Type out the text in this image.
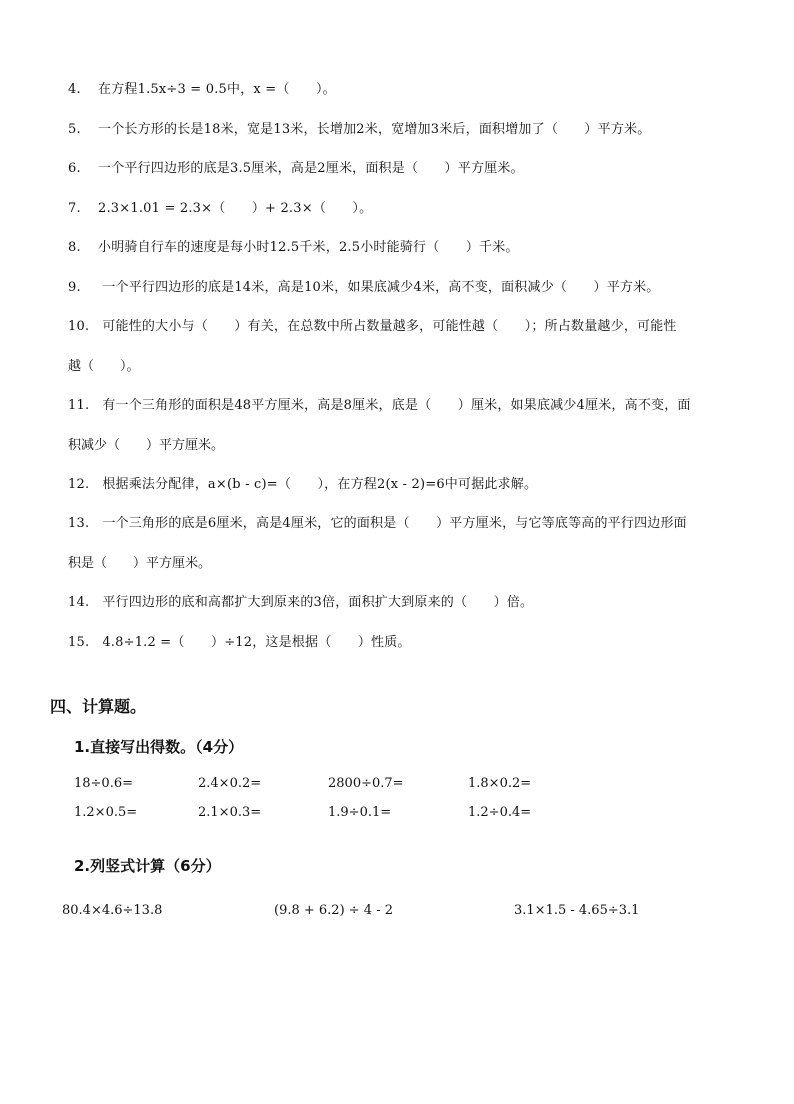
4. 在方程1.5x÷3 = 0.5中，x =（　　）。
5. 一个长方形的长是18米，宽是13米，长增加2米，宽增加3米后，面积增加了（　　）平方米。
6. 一个平行四边形的底是3.5厘米，高是2厘米，面积是（　　）平方厘米。
7. 2.3×1.01 = 2.3×（　　）+ 2.3×（　　）。
8. 小明骑自行车的速度是每小时12.5千米，2.5小时能骑行（　　）千米。
9. 一个平行四边形的底是14米，高是10米，如果底减少4米，高不变，面积减少（　　）平方米。
10. 可能性的大小与（　　）有关，在总数中所占数量越多，可能性越（　　）；所占数量越少，可能性
越（　　）。
11. 有一个三角形的面积是48平方厘米，高是8厘米，底是（　　）厘米，如果底减少4厘米，高不变，面
积减少（　　）平方厘米。
12. 根据乘法分配律，a×(b - c)=（　　），在方程2(x - 2)=6中可据此求解。
13. 一个三角形的底是6厘米，高是4厘米，它的面积是（　　）平方厘米，与它等底等高的平行四边形面
积是（　　）平方厘米。
14. 平行四边形的底和高都扩大到原来的3倍，面积扩大到原来的（　　）倍。
15. 4.8÷1.2 =（　　）÷12，这是根据（　　）性质。
四、计算题。
1.直接写出得数。（4分）
18÷0.6=	2.4×0.2=	2800÷0.7=	1.8×0.2=
1.2×0.5=	2.1×0.3=	1.9÷0.1=	1.2÷0.4=
2.列竖式计算（6分）
80.4×4.6÷13.8	(9.8 + 6.2) ÷ 4 - 2	3.1×1.5 - 4.65÷3.1
